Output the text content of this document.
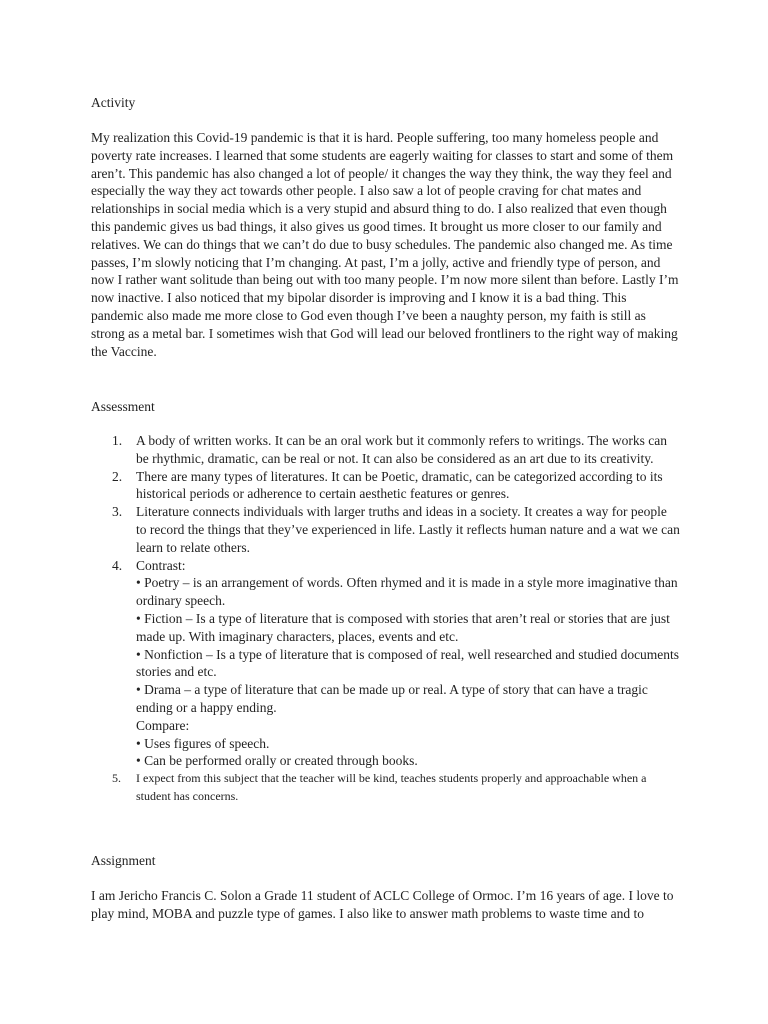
Activity

My realization this Covid-19 pandemic is that it is hard. People suffering, too many homeless people and poverty rate increases. I learned that some students are eagerly waiting for classes to start and some of them aren’t. This pandemic has also changed a lot of people/ it changes the way they think, the way they feel and especially the way they act towards other people. I also saw a lot of people craving for chat mates and relationships in social media which is a very stupid and absurd thing to do. I also realized that even though this pandemic gives us bad things, it also gives us good times. It brought us more closer to our family and relatives. We can do things that we can’t do due to busy schedules. The pandemic also changed me. As time passes, I’m slowly noticing that I’m changing. At past, I’m a jolly, active and friendly type of person, and now I rather want solitude than being out with too many people. I’m now more silent than before. Lastly I’m now inactive. I also noticed that my bipolar disorder is improving and I know it is a bad thing. This pandemic also made me more close to God even though I’ve been a naughty person, my faith is still as strong as a metal bar. I sometimes wish that God will lead our beloved frontliners to the right way of making the Vaccine.

Assessment
1. A body of written works. It can be an oral work but it commonly refers to writings. The works can be rhythmic, dramatic, can be real or not. It can also be considered as an art due to its creativity.

2. There are many types of literatures. It can be Poetic, dramatic, can be categorized according to its historical periods or adherence to certain aesthetic features or genres.

3. Literature connects individuals with larger truths and ideas in a society. It creates a way for people to record the things that they’ve experienced in life. Lastly it reflects human nature and a wat we can learn to relate others.

4. Contrast:

• Poetry – is an arrangement of words. Often rhymed and it is made in a style more imaginative than ordinary speech.

• Fiction – Is a type of literature that is composed with stories that aren’t real or stories that are just made up. With imaginary characters, places, events and etc.

• Nonfiction – Is a type of literature that is composed of real, well researched and studied documents stories and etc.

• Drama – a type of literature that can be made up or real. A type of story that can have a tragic ending or a happy ending.

Compare:

• Uses figures of speech.

• Can be performed orally or created through books.

5. I expect from this subject that the teacher will be kind, teaches students properly and approachable when a student has concerns.

Assignment

I am Jericho Francis C. Solon a Grade 11 student of ACLC College of Ormoc. I’m 16 years of age. I love to play mind, MOBA and puzzle type of games. I also like to answer math problems to waste time and to
